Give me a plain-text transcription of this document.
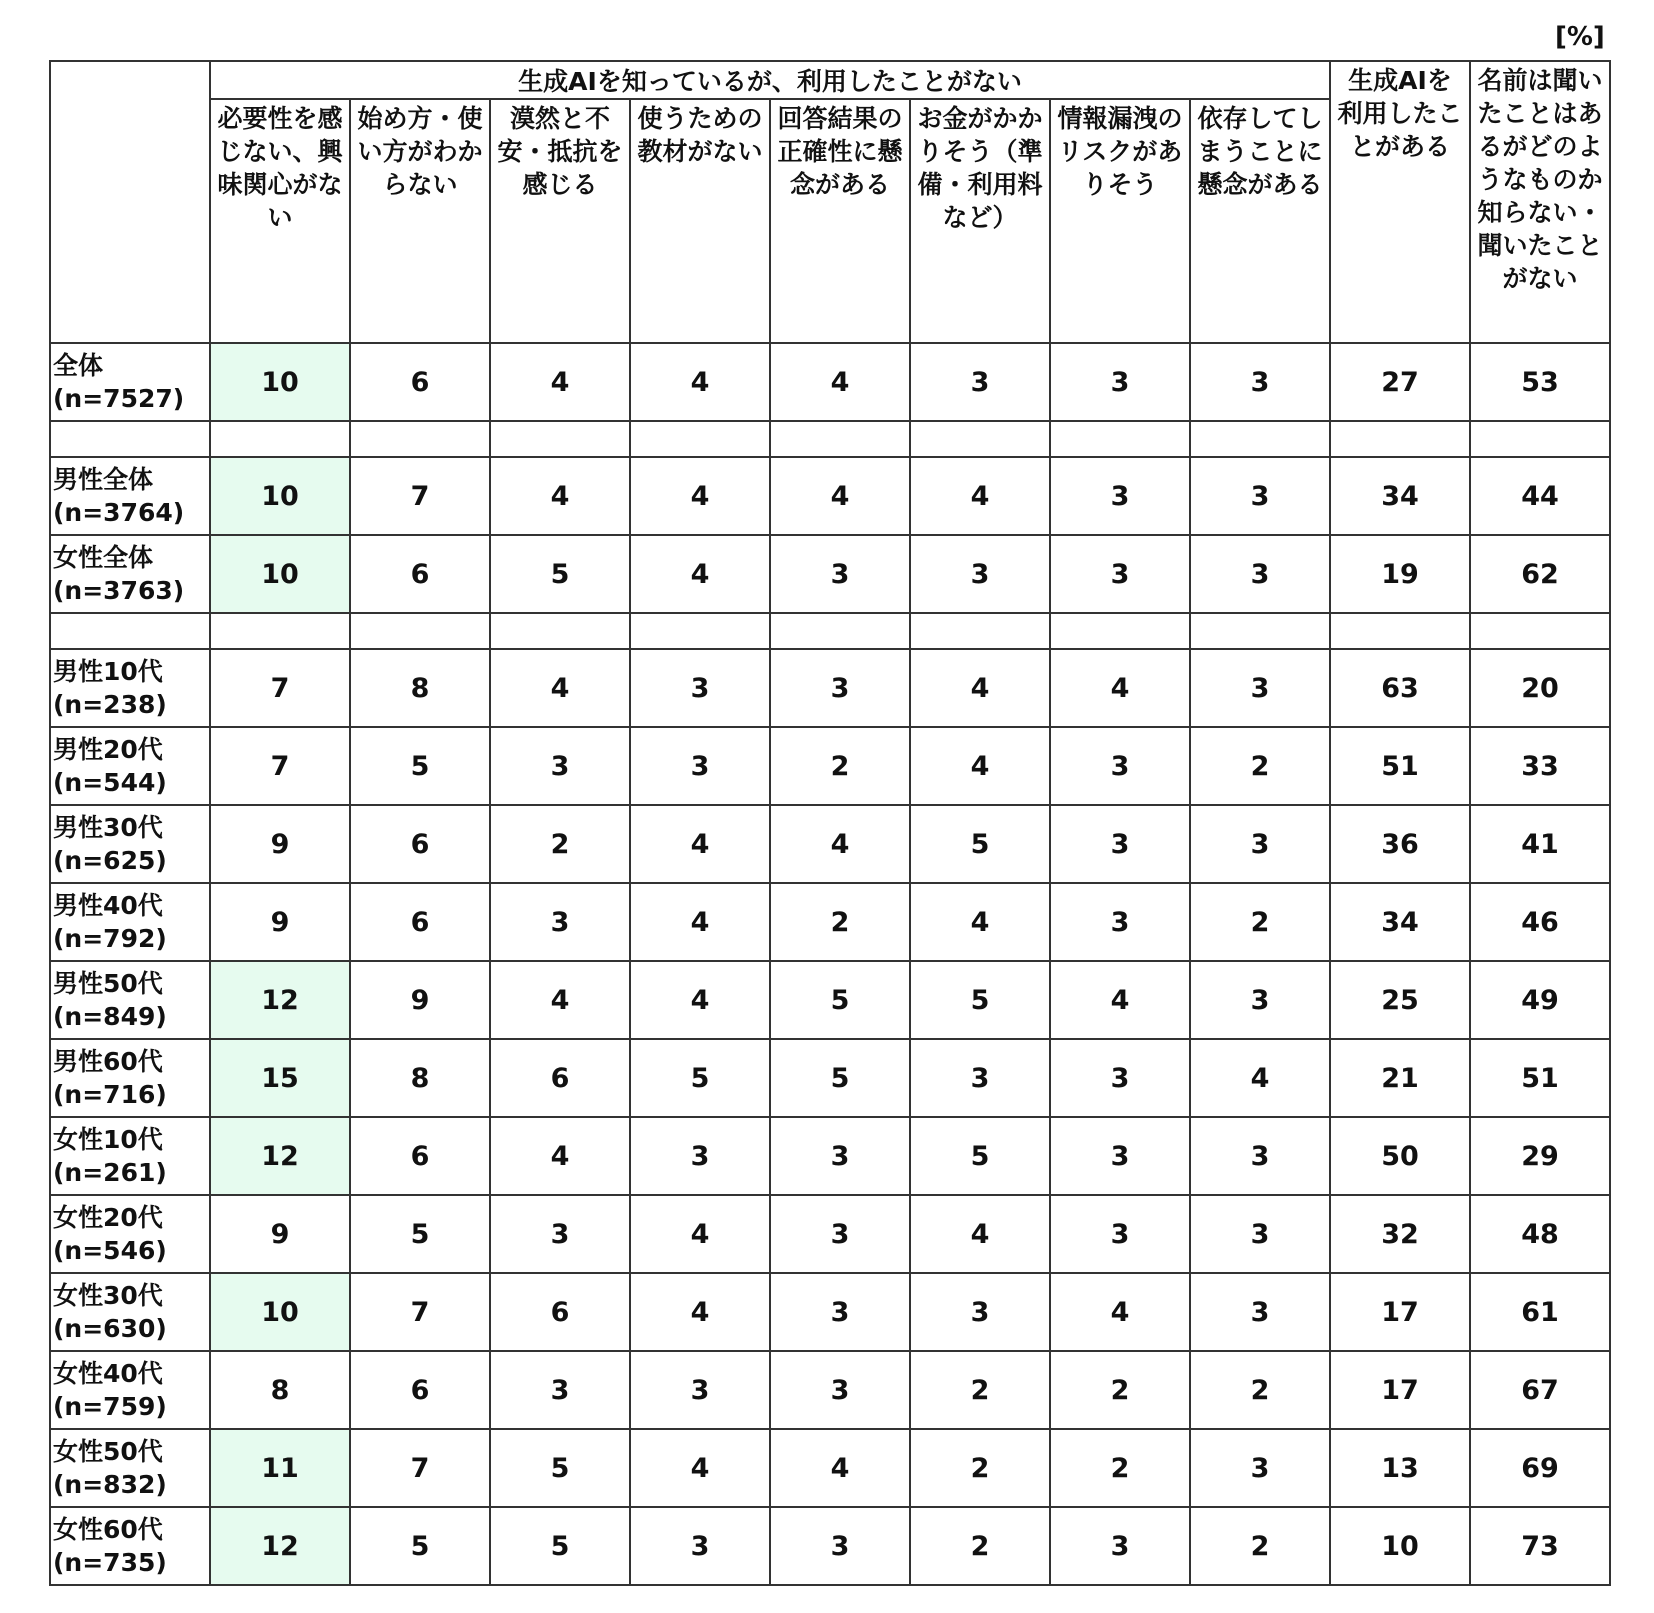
[%]
	生成AIを知っているが、利用したことがない								生成AIを利用したことがある	名前は聞いたことはあるがどのようなものか知らない・聞いたことがない

	必要性を感じない、興味関心がない	始め方・使い方がわからない	漠然と不安・抵抗を感じる	使うための教材がない	回答結果の正確性に懸念がある	お金がかかりそう（準備・利用料など）	情報漏洩のリスクがありそう	依存してしまうことに懸念がある		

全体
(n=7527)	10	6	4	4	4	3	3	3	27	53

男性全体
(n=3764)	10	7	4	4	4	4	3	3	34	44

女性全体
(n=3763)	10	6	5	4	3	3	3	3	19	62

男性10代
(n=238)	7	8	4	3	3	4	4	3	63	20

男性20代
(n=544)	7	5	3	3	2	4	3	2	51	33

男性30代
(n=625)	9	6	2	4	4	5	3	3	36	41

男性40代
(n=792)	9	6	3	4	2	4	3	2	34	46

男性50代
(n=849)	12	9	4	4	5	5	4	3	25	49

男性60代
(n=716)	15	8	6	5	5	3	3	4	21	51

女性10代
(n=261)	12	6	4	3	3	5	3	3	50	29

女性20代
(n=546)	9	5	3	4	3	4	3	3	32	48

女性30代
(n=630)	10	7	6	4	3	3	4	3	17	61

女性40代
(n=759)	8	6	3	3	3	2	2	2	17	67

女性50代
(n=832)	11	7	5	4	4	2	2	3	13	69

女性60代
(n=735)	12	5	5	3	3	2	3	2	10	73
